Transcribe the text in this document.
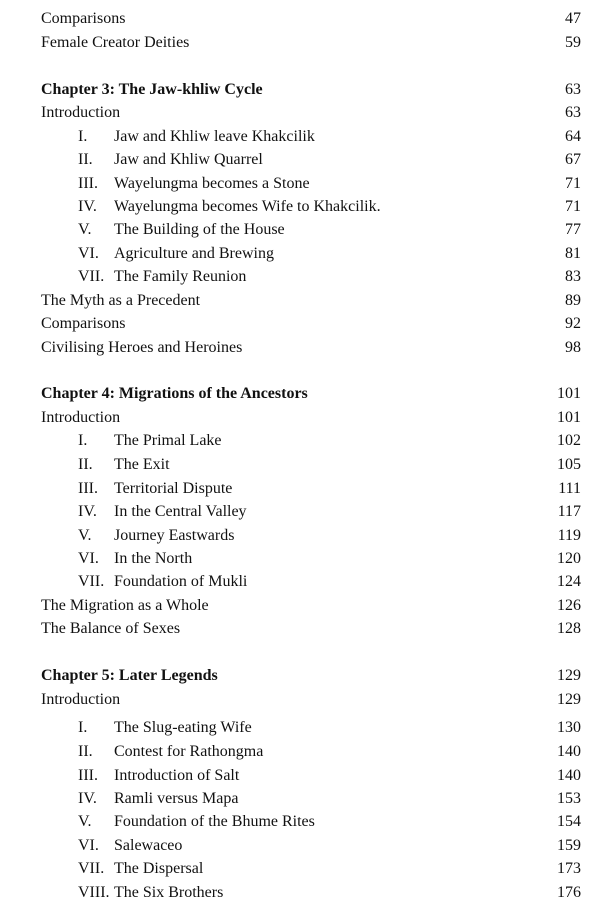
Comparisons	47
Female Creator Deities	59
Chapter 3: The Jaw-khliw Cycle	63
Introduction	63
I. Jaw and Khliw leave Khakcilik	64
II. Jaw and Khliw Quarrel	67
III. Wayelungma becomes a Stone	71
IV. Wayelungma becomes Wife to Khakcilik.	71
V. The Building of the House	77
VI. Agriculture and Brewing	81
VII. The Family Reunion	83
The Myth as a Precedent	89
Comparisons	92
Civilising Heroes and Heroines	98
Chapter 4: Migrations of the Ancestors	101
Introduction	101
I. The Primal Lake	102
II. The Exit	105
III. Territorial Dispute	111
IV. In the Central Valley	117
V. Journey Eastwards	119
VI. In the North	120
VII. Foundation of Mukli	124
The Migration as a Whole	126
The Balance of Sexes	128
Chapter 5: Later Legends	129
Introduction	129
I. The Slug-eating Wife	130
II. Contest for Rathongma	140
III. Introduction of Salt	140
IV. Ramli versus Mapa	153
V. Foundation of the Bhume Rites	154
VI. Salewaceo	159
VII. The Dispersal	173
VIII. The Six Brothers	176
